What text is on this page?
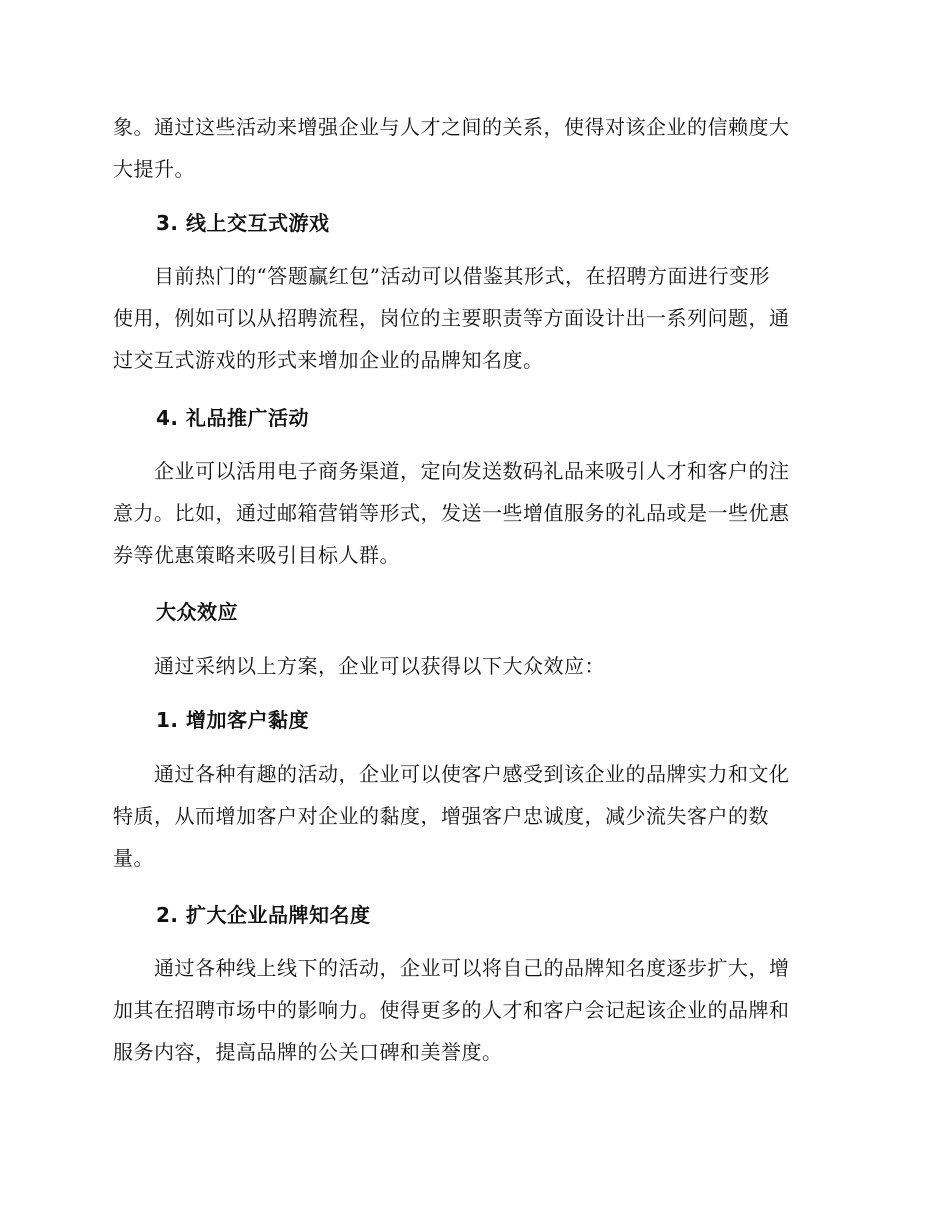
象。通过这些活动来增强企业与人才之间的关系，使得对该企业的信赖度大
大提升。

3. 线上交互式游戏

　　目前热门的“答题赢红包”活动可以借鉴其形式，在招聘方面进行变形
使用，例如可以从招聘流程，岗位的主要职责等方面设计出一系列问题，通
过交互式游戏的形式来增加企业的品牌知名度。

4. 礼品推广活动

　　企业可以活用电子商务渠道，定向发送数码礼品来吸引人才和客户的注
意力。比如，通过邮箱营销等形式，发送一些增值服务的礼品或是一些优惠
券等优惠策略来吸引目标人群。

大众效应

　　通过采纳以上方案，企业可以获得以下大众效应：

1. 增加客户黏度

　　通过各种有趣的活动，企业可以使客户感受到该企业的品牌实力和文化
特质，从而增加客户对企业的黏度，增强客户忠诚度，减少流失客户的数
量。

2. 扩大企业品牌知名度

　　通过各种线上线下的活动，企业可以将自己的品牌知名度逐步扩大，增
加其在招聘市场中的影响力。使得更多的人才和客户会记起该企业的品牌和
服务内容，提高品牌的公关口碑和美誉度。
